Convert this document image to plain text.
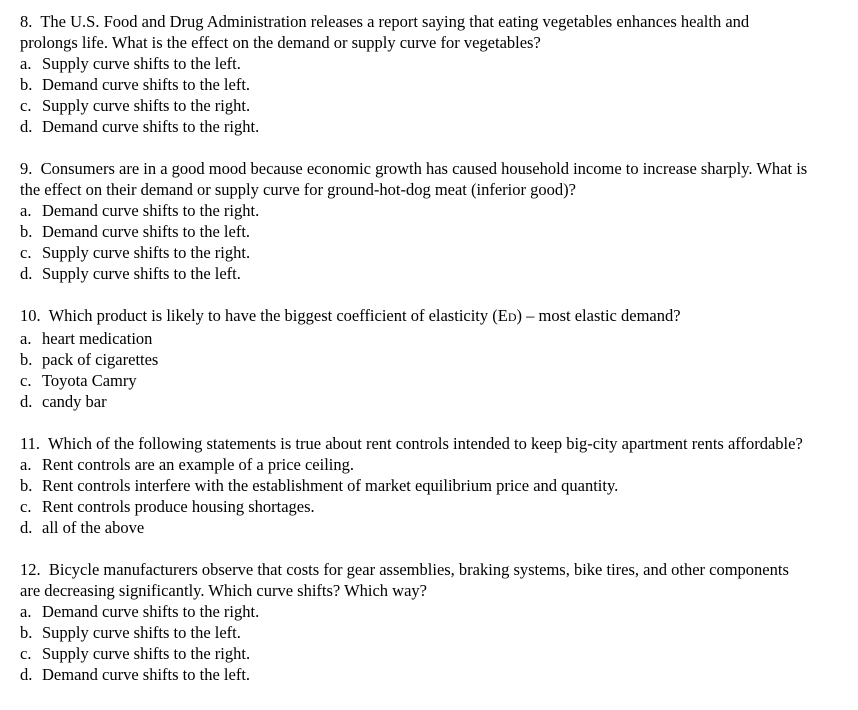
8. The U.S. Food and Drug Administration releases a report saying that eating vegetables enhances health and prolongs life. What is the effect on the demand or supply curve for vegetables?

a. Supply curve shifts to the left.
b. Demand curve shifts to the left.
c. Supply curve shifts to the right.
d. Demand curve shifts to the right.

9. Consumers are in a good mood because economic growth has caused household income to increase sharply. What is the effect on their demand or supply curve for ground-hot-dog meat (inferior good)?

a. Demand curve shifts to the right.
b. Demand curve shifts to the left.
c. Supply curve shifts to the right.
d. Supply curve shifts to the left.

10. Which product is likely to have the biggest coefficient of elasticity (ED) – most elastic demand?

a. heart medication
b. pack of cigarettes
c. Toyota Camry
d. candy bar

11. Which of the following statements is true about rent controls intended to keep big-city apartment rents affordable?

a. Rent controls are an example of a price ceiling.
b. Rent controls interfere with the establishment of market equilibrium price and quantity.
c. Rent controls produce housing shortages.
d. all of the above

12. Bicycle manufacturers observe that costs for gear assemblies, braking systems, bike tires, and other components are decreasing significantly. Which curve shifts? Which way?

a. Demand curve shifts to the right.
b. Supply curve shifts to the left.
c. Supply curve shifts to the right.
d. Demand curve shifts to the left.
